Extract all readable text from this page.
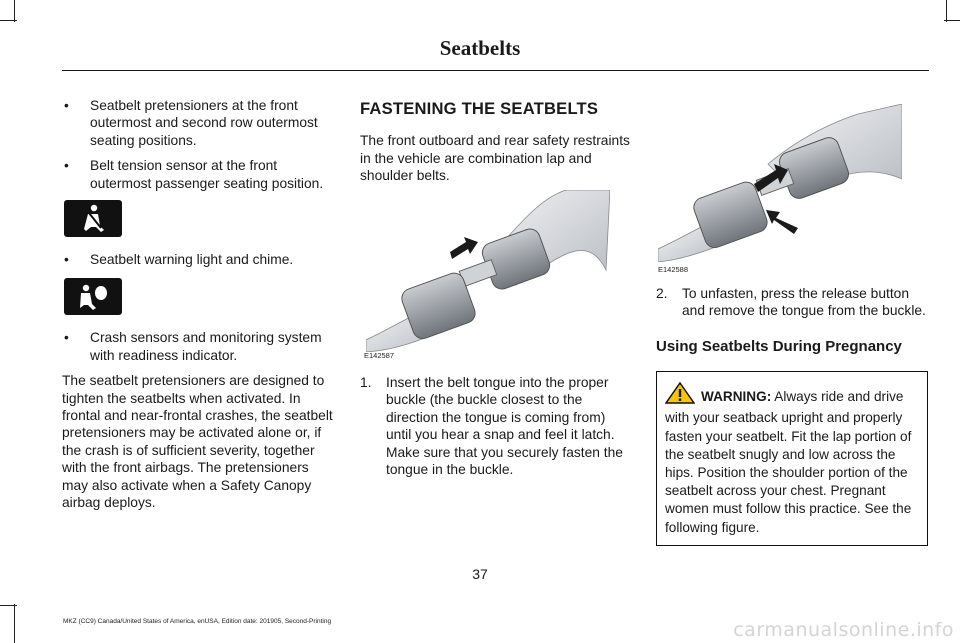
Seatbelts
• Seatbelt pretensioners at the front outermost and second row outermost seating positions.
• Belt tension sensor at the front outermost passenger seating position.
• Seatbelt warning light and chime.
• Crash sensors and monitoring system with readiness indicator.

The seatbelt pretensioners are designed to tighten the seatbelts when activated. In frontal and near-frontal crashes, the seatbelt pretensioners may be activated alone or, if the crash is of sufficient severity, together with the front airbags. The pretensioners may also activate when a Safety Canopy airbag deploys.

FASTENING THE SEATBELTS

The front outboard and rear safety restraints in the vehicle are combination lap and shoulder belts.

E142587
1. Insert the belt tongue into the proper buckle (the buckle closest to the direction the tongue is coming from) until you hear a snap and feel it latch. Make sure that you securely fasten the tongue in the buckle.
E142588
2. To unfasten, press the release button and remove the tongue from the buckle.
Using Seatbelts During Pregnancy
WARNING: Always ride and drive with your seatback upright and properly fasten your seatbelt. Fit the lap portion of the seatbelt snugly and low across the hips. Position the shoulder portion of the seatbelt across your chest. Pregnant women must follow this practice. See the following figure.
37
MKZ (CC9) Canada/United States of America, enUSA, Edition date: 201905, Second-Printing	carmanualsonline.info
